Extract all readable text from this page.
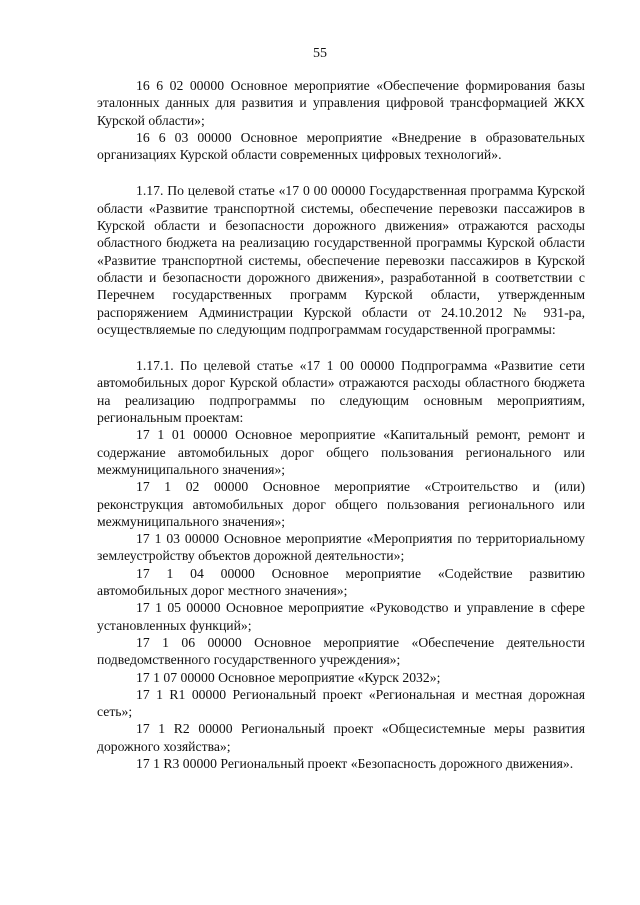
55

16 6 02 00000 Основное мероприятие «Обеспечение формирования базы эталонных данных для развития и управления цифровой трансформацией ЖКХ Курской области»;

16 6 03 00000 Основное мероприятие «Внедрение в образовательных организациях Курской области современных цифровых технологий».

1.17. По целевой статье «17 0 00 00000 Государственная программа Курской области «Развитие транспортной системы, обеспечение перевозки пассажиров в Курской области и безопасности дорожного движения» отражаются расходы областного бюджета на реализацию государственной программы Курской области «Развитие транспортной системы, обеспечение перевозки пассажиров в Курской области и безопасности дорожного движения», разработанной в соответствии с Перечнем государственных программ Курской области, утвержденным распоряжением Администрации Курской области от 24.10.2012 № 931-ра, осуществляемые по следующим подпрограммам государственной программы:

1.17.1. По целевой статье «17 1 00 00000 Подпрограмма «Развитие сети автомобильных дорог Курской области» отражаются расходы областного бюджета на реализацию подпрограммы по следующим основным мероприятиям, региональным проектам:

17 1 01 00000 Основное мероприятие «Капитальный ремонт, ремонт и содержание автомобильных дорог общего пользования регионального или межмуниципального значения»;

17 1 02 00000 Основное мероприятие «Строительство и (или) реконструкция автомобильных дорог общего пользования регионального или межмуниципального значения»;

17 1 03 00000 Основное мероприятие «Мероприятия по территориальному землеустройству объектов дорожной деятельности»;

17 1 04 00000 Основное мероприятие «Содействие развитию автомобильных дорог местного значения»;

17 1 05 00000 Основное мероприятие «Руководство и управление в сфере установленных функций»;

17 1 06 00000 Основное мероприятие «Обеспечение деятельности подведомственного государственного учреждения»;

17 1 07 00000 Основное мероприятие «Курск 2032»;

17 1 R1 00000 Региональный проект «Региональная и местная дорожная сеть»;

17 1 R2 00000 Региональный проект «Общесистемные меры развития дорожного хозяйства»;

17 1 R3 00000 Региональный проект «Безопасность дорожного движения».
